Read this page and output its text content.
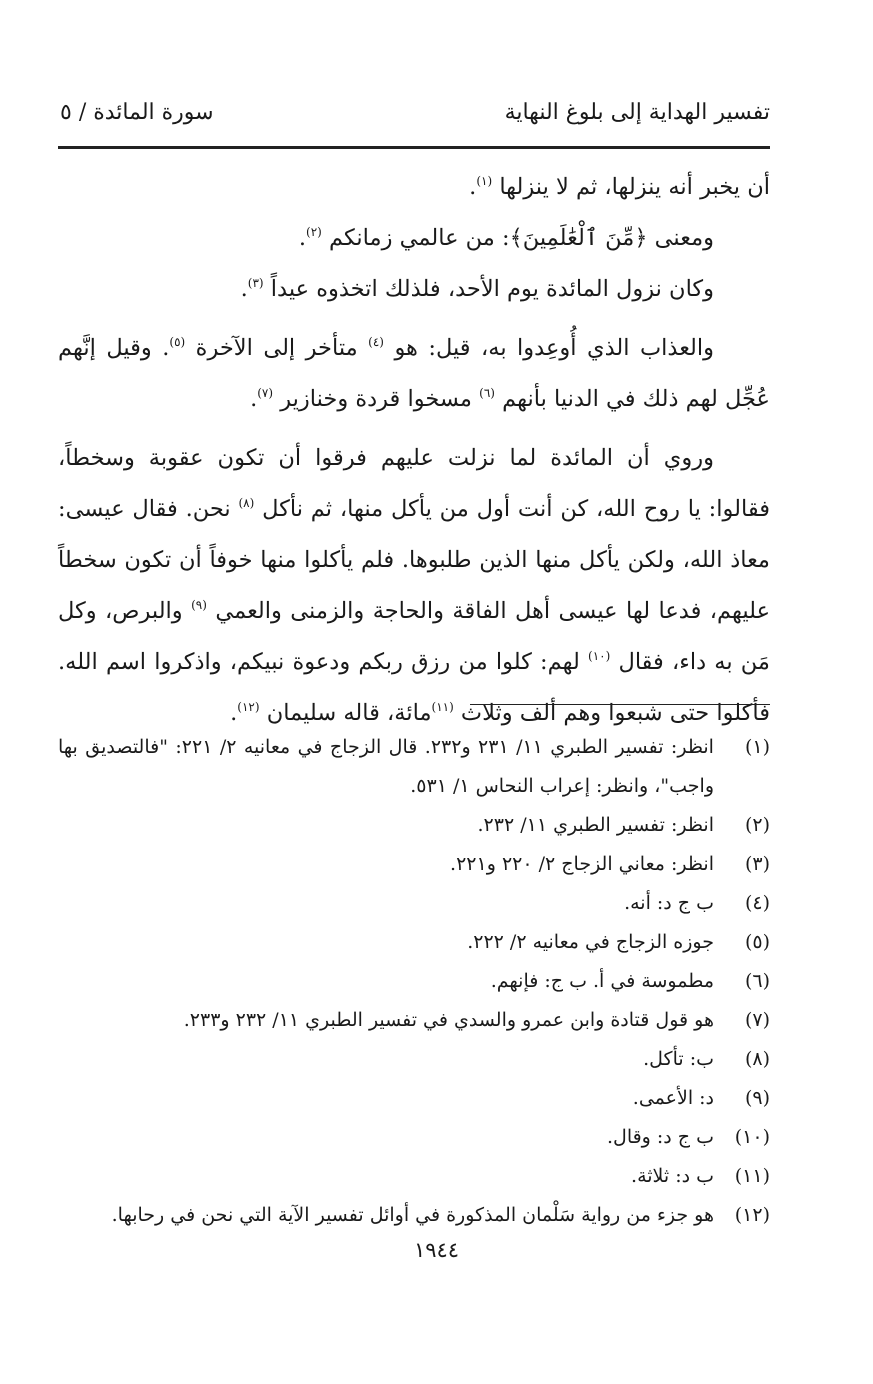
تفسير الهداية إلى بلوغ النهاية
سورة المائدة / ٥

أن يخبر أنه ينزلها، ثم لا ينزلها $^{(١)}$.

ومعنى ﴿مِّنَ ٱلْعَٰلَمِينَ﴾: من عالمي زمانكم $^{(٢)}$.

وكان نزول المائدة يوم الأحد، فلذلك اتخذوه عيداً $^{(٣)}$.

والعذاب الذي أُوعِدوا به، قيل: هو $^{(٤)}$ متأخر إلى الآخرة $^{(٥)}$. وقيل إنَّهم عُجِّل لهم ذلك في الدنيا بأنهم $^{(٦)}$ مسخوا قردة وخنازير $^{(٧)}$.

وروي أن المائدة لما نزلت عليهم فرقوا أن تكون عقوبة وسخطاً، فقالوا: يا روح الله، كن أنت أول من يأكل منها، ثم نأكل $^{(٨)}$ نحن. فقال عيسى: معاذ الله، ولكن يأكل منها الذين طلبوها. فلم يأكلوا منها خوفاً أن تكون سخطاً عليهم، فدعا لها عيسى أهل الفاقة والحاجة والزمنى والعمي $^{(٩)}$ والبرص، وكل مَن به داء، فقال $^{(١٠)}$ لهم: كلوا من رزق ربكم ودعوة نبيكم، واذكروا اسم الله. فأكلوا حتى شبعوا وهم ألف وثلاث $^{(١١)}$مائة، قاله سليمان $^{(١٢)}$.

(١)
انظر: تفسير الطبري ١١/ ٢٣١ و٢٣٢. قال الزجاج في معانيه ٢/ ٢٢١: "فالتصديق بها واجب"، وانظر: إعراب النحاس ١/ ٥٣١.
(٢)
انظر: تفسير الطبري ١١/ ٢٣٢.
(٣)
انظر: معاني الزجاج ٢/ ٢٢٠ و٢٢١.
(٤)
ب ج د: أنه.
(٥)
جوزه الزجاج في معانيه ٢/ ٢٢٢.
(٦)
مطموسة في أ. ب ج: فإنهم.
(٧)
هو قول قتادة وابن عمرو والسدي في تفسير الطبري ١١/ ٢٣٢ و٢٣٣.
(٨)
ب: تأكل.
(٩)
د: الأعمى.
(١٠)
ب ج د: وقال.
(١١)
ب د: ثلاثة.
(١٢)
هو جزء من رواية سَلْمان المذكورة في أوائل تفسير الآية التي نحن في رحابها.
١٩٤٤
